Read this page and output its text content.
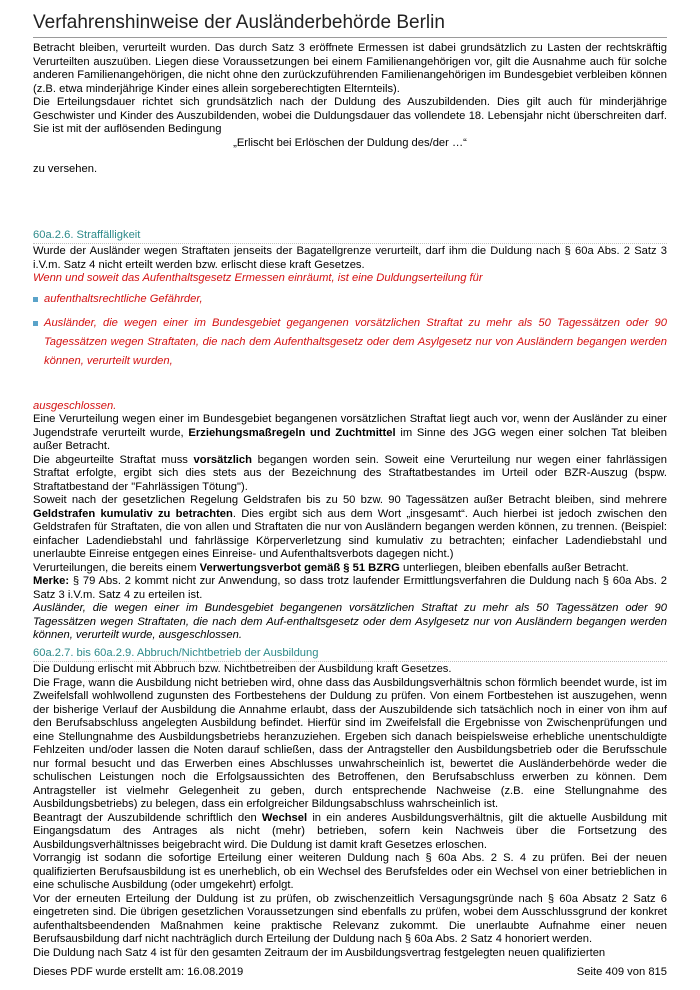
Verfahrenshinweise der Ausländerbehörde Berlin

Betracht bleiben, verurteilt wurden. Das durch Satz 3 eröffnete Ermessen ist dabei grundsätzlich zu Lasten der rechtskräftig Verurteilten auszuüben. Liegen diese Voraussetzungen bei einem Familienangehörigen vor, gilt die Ausnahme auch für solche anderen Familienangehörigen, die nicht ohne den zurückzuführenden Familienangehörigen im Bundesgebiet verbleiben können (z.B. etwa minderjährige Kinder eines allein sorgeberechtigten Elternteils).

Die Erteilungsdauer richtet sich grundsätzlich nach der Duldung des Auszubildenden. Dies gilt auch für minderjährige Geschwister und Kinder des Auszubildenden, wobei die Duldungsdauer das vollendete 18. Lebensjahr nicht überschreiten darf. Sie ist mit der auflösenden Bedingung

„Erlischt bei Erlöschen der Duldung des/der …“

zu versehen.

60a.2.6. Straffälligkeit

Wurde der Ausländer wegen Straftaten jenseits der Bagatellgrenze verurteilt, darf ihm die Duldung nach § 60a Abs. 2 Satz 3 i.V.m. Satz 4 nicht erteilt werden bzw. erlischt diese kraft Gesetzes.

Wenn und soweit das Aufenthaltsgesetz Ermessen einräumt, ist eine Duldungserteilung für

aufenthaltsrechtliche Gefährder,
Ausländer, die wegen einer im Bundesgebiet gegangenen vorsätzlichen Straftat zu mehr als 50 Tagessätzen oder 90 Tagessätzen wegen Straftaten, die nach dem Aufenthaltsgesetz oder dem Asylgesetz nur von Ausländern begangen werden können, verurteilt wurden,

ausgeschlossen.

Eine Verurteilung wegen einer im Bundesgebiet begangenen vorsätzlichen Straftat liegt auch vor, wenn der Ausländer zu einer Jugendstrafe verurteilt wurde, Erziehungsmaßregeln und Zuchtmittel im Sinne des JGG wegen einer solchen Tat bleiben außer Betracht.

Die abgeurteilte Straftat muss vorsätzlich begangen worden sein. Soweit eine Verurteilung nur wegen einer fahrlässigen Straftat erfolgte, ergibt sich dies stets aus der Bezeichnung des Straftatbestandes im Urteil oder BZR-Auszug (bspw. Straftatbestand der "Fahrlässigen Tötung").

Soweit nach der gesetzlichen Regelung Geldstrafen bis zu 50 bzw. 90 Tagessätzen außer Betracht bleiben, sind mehrere Geldstrafen kumulativ zu betrachten. Dies ergibt sich aus dem Wort „insgesamt“. Auch hierbei ist jedoch zwischen den Geldstrafen für Straftaten, die von allen und Straftaten die nur von Ausländern begangen werden können, zu trennen. (Beispiel: einfacher Ladendiebstahl und fahrlässige Körperverletzung sind kumulativ zu betrachten; einfacher Ladendiebstahl und unerlaubte Einreise entgegen eines Einreise- und Aufenthaltsverbots dagegen nicht.)

Verurteilungen, die bereits einem Verwertungsverbot gemäß § 51 BZRG unterliegen, bleiben ebenfalls außer Betracht.

Merke: § 79 Abs. 2 kommt nicht zur Anwendung, so dass trotz laufender Ermittlungsverfahren die Duldung nach § 60a Abs. 2 Satz 3 i.V.m. Satz 4 zu erteilen ist.

Ausländer, die wegen einer im Bundesgebiet begangenen vorsätzlichen Straftat zu mehr als 50 Tagessätzen oder 90 Tagessätzen wegen Straftaten, die nach dem Auf-enthaltsgesetz oder dem Asylgesetz nur von Ausländern begangen werden können, verurteilt wurde, ausgeschlossen.

60a.2.7. bis 60a.2.9. Abbruch/Nichtbetrieb der Ausbildung

Die Duldung erlischt mit Abbruch bzw. Nichtbetreiben der Ausbildung kraft Gesetzes.

Die Frage, wann die Ausbildung nicht betrieben wird, ohne dass das Ausbildungsverhältnis schon förmlich beendet wurde, ist im Zweifelsfall wohlwollend zugunsten des Fortbestehens der Duldung zu prüfen. Von einem Fortbestehen ist auszugehen, wenn der bisherige Verlauf der Ausbildung die Annahme erlaubt, dass der Auszubildende sich tatsächlich noch in einer von ihm auf den Berufsabschluss angelegten Ausbildung befindet. Hierfür sind im Zweifelsfall die Ergebnisse von Zwischenprüfungen und eine Stellungnahme des Ausbildungsbetriebs heranzuziehen. Ergeben sich danach beispielsweise erhebliche unentschuldigte Fehlzeiten und/oder lassen die Noten darauf schließen, dass der Antragsteller den Ausbildungsbetrieb oder die Berufsschule nur formal besucht und das Erwerben eines Abschlusses unwahrscheinlich ist, bewertet die Ausländerbehörde weder die schulischen Leistungen noch die Erfolgsaussichten des Betroffenen, den Berufsabschluss erwerben zu können. Dem Antragsteller ist vielmehr Gelegenheit zu geben, durch entsprechende Nachweise (z.B. eine Stellungnahme des Ausbildungsbetriebs) zu belegen, dass ein erfolgreicher Bildungsabschluss wahrscheinlich ist.

Beantragt der Auszubildende schriftlich den Wechsel in ein anderes Ausbildungsverhältnis, gilt die aktuelle Ausbildung mit Eingangsdatum des Antrages als nicht (mehr) betrieben, sofern kein Nachweis über die Fortsetzung des Ausbildungsverhältnisses beigebracht wird. Die Duldung ist damit kraft Gesetzes erloschen.

Vorrangig ist sodann die sofortige Erteilung einer weiteren Duldung nach § 60a Abs. 2 S. 4 zu prüfen. Bei der neuen qualifizierten Berufsausbildung ist es unerheblich, ob ein Wechsel des Berufsfeldes oder ein Wechsel von einer betrieblichen in eine schulische Ausbildung (oder umgekehrt) erfolgt.

Vor der erneuten Erteilung der Duldung ist zu prüfen, ob zwischenzeitlich Versagungsgründe nach § 60a Absatz 2 Satz 6 eingetreten sind. Die übrigen gesetzlichen Voraussetzungen sind ebenfalls zu prüfen, wobei dem Ausschlussgrund der konkret aufenthaltsbeendenden Maßnahmen keine praktische Relevanz zukommt. Die unerlaubte Aufnahme einer neuen Berufsausbildung darf nicht nachträglich durch Erteilung der Duldung nach § 60a Abs. 2 Satz 4 honoriert werden.

Die Duldung nach Satz 4 ist für den gesamten Zeitraum der im Ausbildungsvertrag festgelegten neuen qualifizierten

Dieses PDF wurde erstellt am: 16.08.2019	Seite 409 von 815
